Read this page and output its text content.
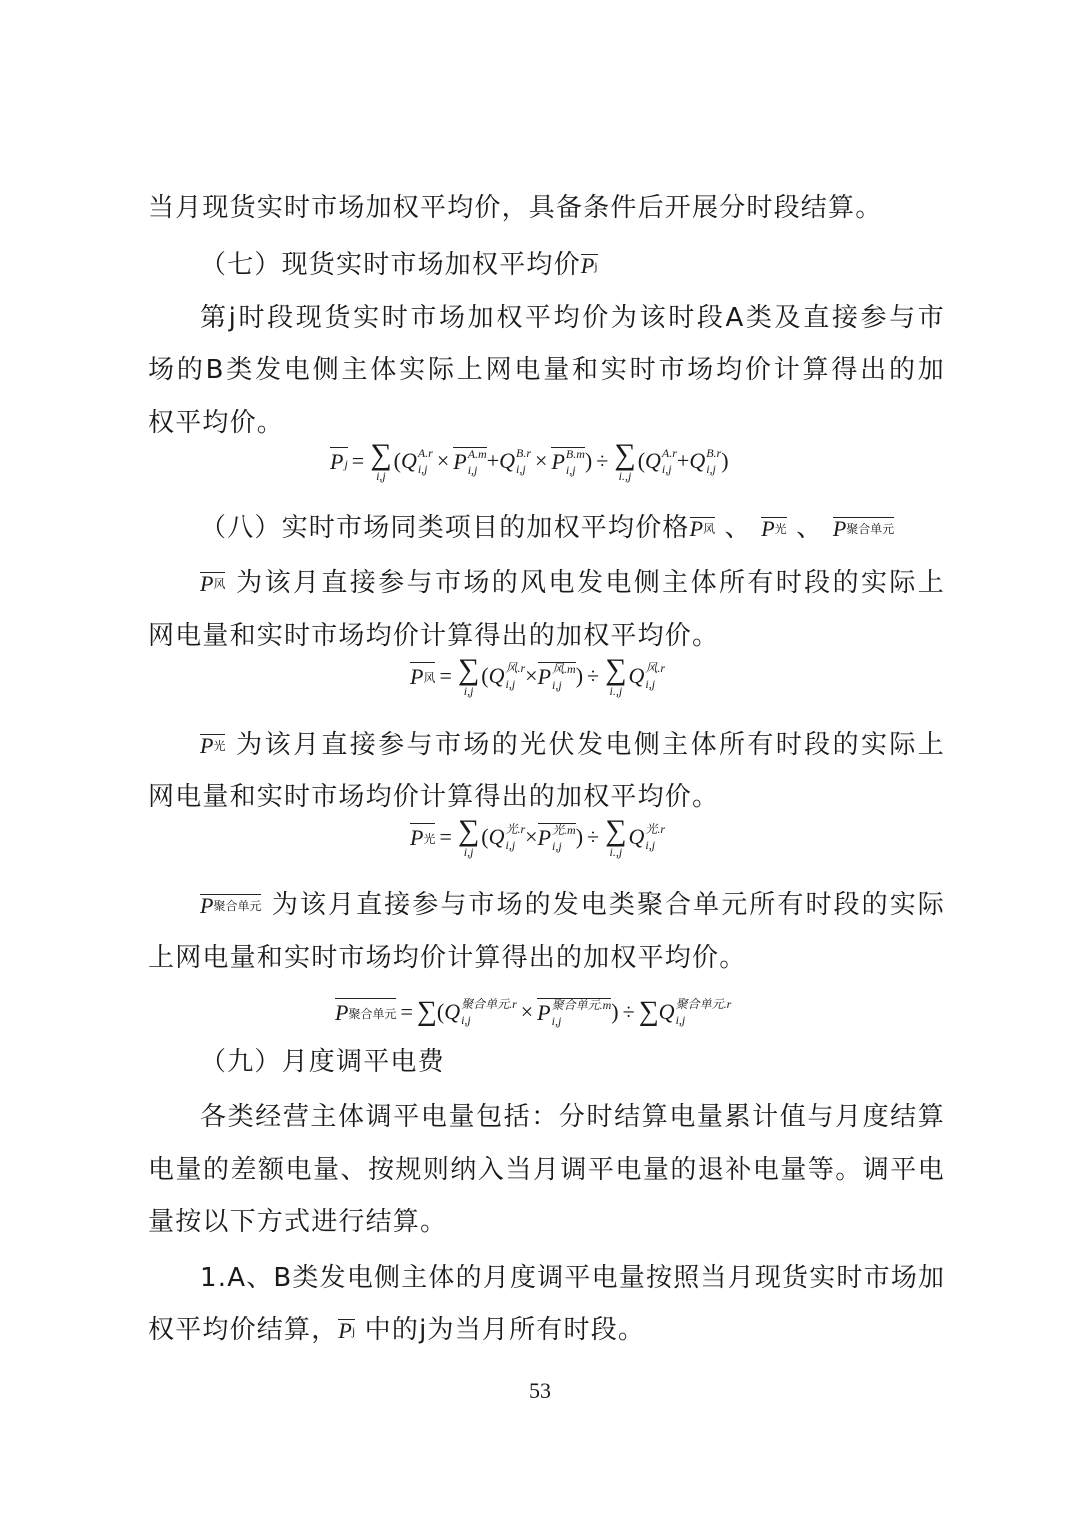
当月现货实时市场加权平均价，具备条件后开展分时段结算。
（七）现货实时市场加权平均价 P j
第j时段现货实时市场加权平均价为该时段A类及直接参与市
场的B类发电侧主体实际上网电量和实时市场均价计算得出的加
权平均价。
P j = ∑
i,j
( Q A.r
i,j × P A.m
i,j + Q B.r
i,j × P B.m
i,j ) ÷ ∑
i.,j
( Q A.r
i,j + Q B.r
i,j )
（八）实时市场同类项目的加权平均价格 P 风 、 P 光 、 P 聚合单元
P 风 为该月直接参与市场的风电发电侧主体所有时段的实际上
网电量和实时市场均价计算得出的加权平均价。
P 风 = ∑
i,j
( Q 风.r
i,j × P 风.m
i,j ) ÷ ∑
i.,j
Q 风.r
i,j
P 光 为该月直接参与市场的光伏发电侧主体所有时段的实际上
网电量和实时市场均价计算得出的加权平均价。
P 光 = ∑
i,j
( Q 光.r
i,j × P 光.m
i,j ) ÷ ∑
i.,j
Q 光.r
i,j
P 聚合单元 为该月直接参与市场的发电类聚合单元所有时段的实际
上网电量和实时市场均价计算得出的加权平均价。
P 聚合单元 = ∑ ( Q 聚合单元.r
i,j	× P 聚合单元.m
i,j	) ÷ ∑ Q 聚合单元.r
i,j
（九）月度调平电费
各类经营主体调平电量包括：分时结算电量累计值与月度结算
电量的差额电量、按规则纳入当月调平电量的退补电量等。调平电
量按以下方式进行结算。
1.A、B类发电侧主体的月度调平电量按照当月现货实时市场加
权平均价结算， P j 中的j为当月所有时段。
53
